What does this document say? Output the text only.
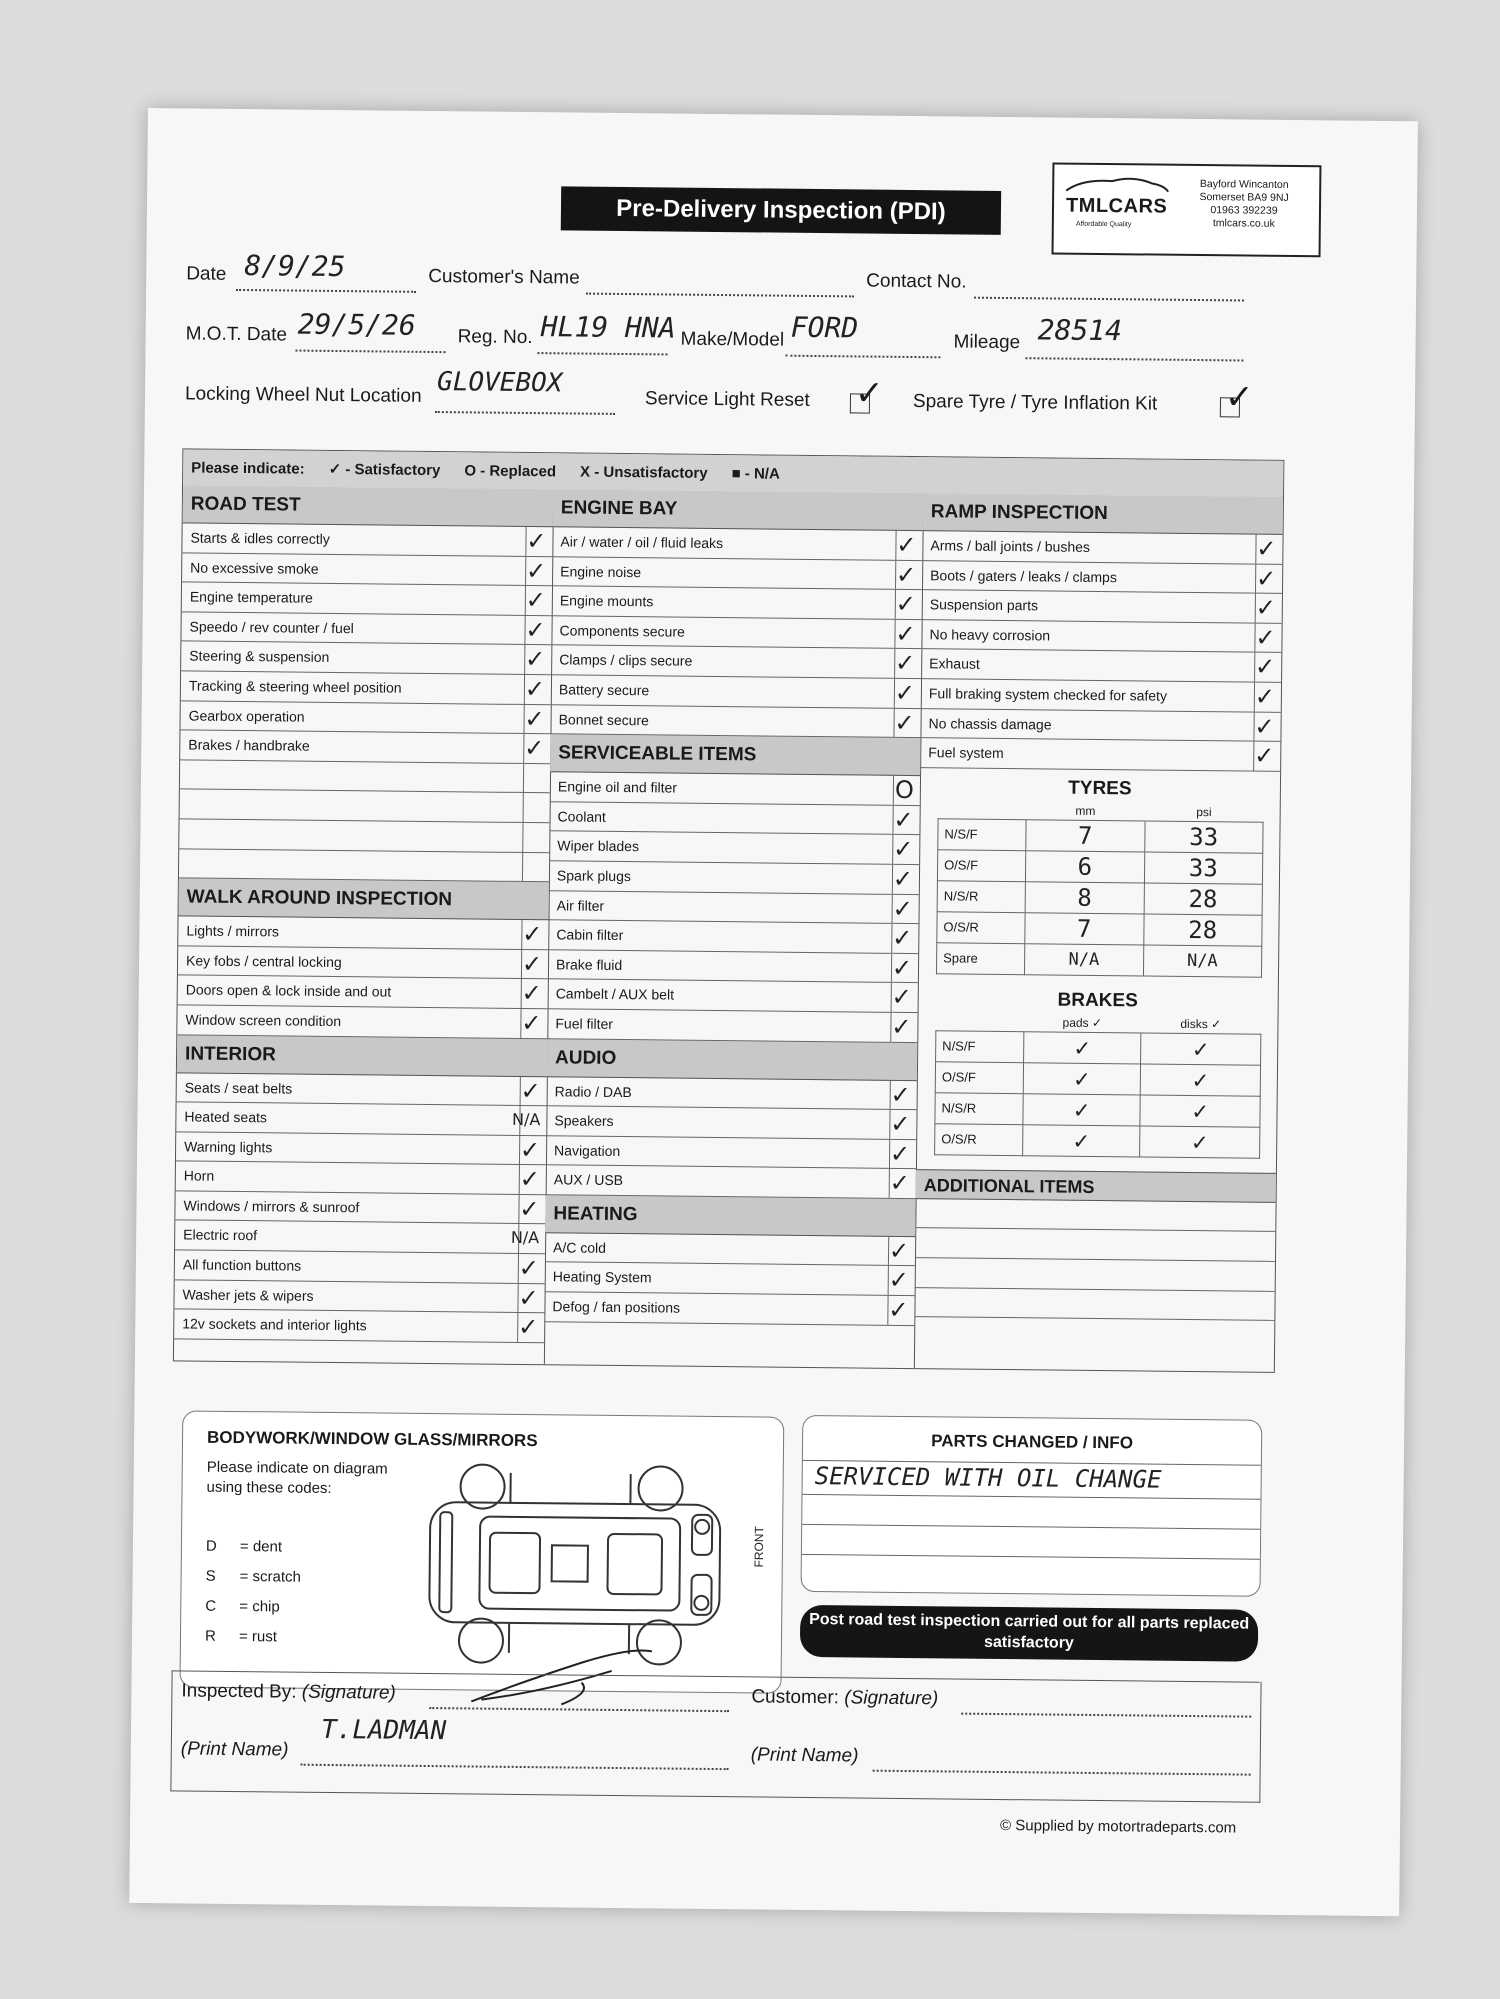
Pre-Delivery Inspection (PDI)	TMLCARS
Affordable Quality
Bayford Wincanton
Somerset BA9 9NJ
01963 392239
tmlcars.co.uk
Date 8/9/25	Customer's Name	Contact No.
M.O.T. Date 29/5/26 Reg. No. HL19 HNA Make/Model FORD	Mileage 28514
Locking Wheel Nut Location GLOVEBOX
Service Light Reset ✓ Spare Tyre / Tyre Inflation Kit ✓
Please indicate: ✓ - Satisfactory O - Replaced X - Unsatisfactory ■ - N/A
ROAD TEST
Starts & idles correctly	✓
No excessive smoke	✓
Engine temperature	✓
Speedo / rev counter / fuel	✓
Steering & suspension	✓
Tracking & steering wheel position	✓
Gearbox operation	✓
Brakes / handbrake	✓
WALK AROUND INSPECTION
Lights / mirrors	✓
Key fobs / central locking	✓
Doors open & lock inside and out	✓
Window screen condition	✓
INTERIOR
Seats / seat belts	✓
Heated seats	N/A
Warning lights	✓
Horn	✓
Windows / mirrors & sunroof	✓
Electric roof	N/A
All function buttons	✓
Washer jets & wipers	✓
12v sockets and interior lights	✓
ENGINE BAY
Air / water / oil / fluid leaks	✓
Engine noise	✓
Engine mounts	✓
Components secure	✓
Clamps / clips secure	✓
Battery secure	✓
Bonnet secure	✓
SERVICEABLE ITEMS
Engine oil and filter	O
Coolant	✓
Wiper blades	✓
Spark plugs	✓
Air filter	✓
Cabin filter	✓
Brake fluid	✓
Cambelt / AUX belt	✓
Fuel filter	✓
AUDIO
Radio / DAB	✓
Speakers	✓
Navigation	✓
AUX / USB	✓
HEATING
A/C cold	✓
Heating System	✓
Defog / fan positions	✓
RAMP INSPECTION
Arms / ball joints / bushes	✓
Boots / gaters / leaks / clamps	✓
Suspension parts	✓
No heavy corrosion	✓
Exhaust	✓
Full braking system checked for safety	✓
No chassis damage	✓
Fuel system	✓
TYRES
	mm	psi
N/S/F	7	33
O/S/F	6	33
N/S/R	8	28
O/S/R	7	28
Spare	N/A	N/A
BRAKES
	pads ✓	disks ✓
N/S/F	✓	✓
O/S/F	✓	✓
N/S/R	✓	✓
O/S/R	✓	✓
ADDITIONAL ITEMS
BODYWORK/WINDOW GLASS/MIRRORS
Please indicate on diagram using these codes:
D = dent
S = scratch
C = chip
R = rust
FRONT
PARTS CHANGED / INFO
SERVICED WITH OIL CHANGE
Post road test inspection carried out for all parts replaced satisfactory
Inspected By: (Signature)	Customer: (Signature)
(Print Name)
T.LADMAN
(Print Name)
© Supplied by motortradeparts.com
